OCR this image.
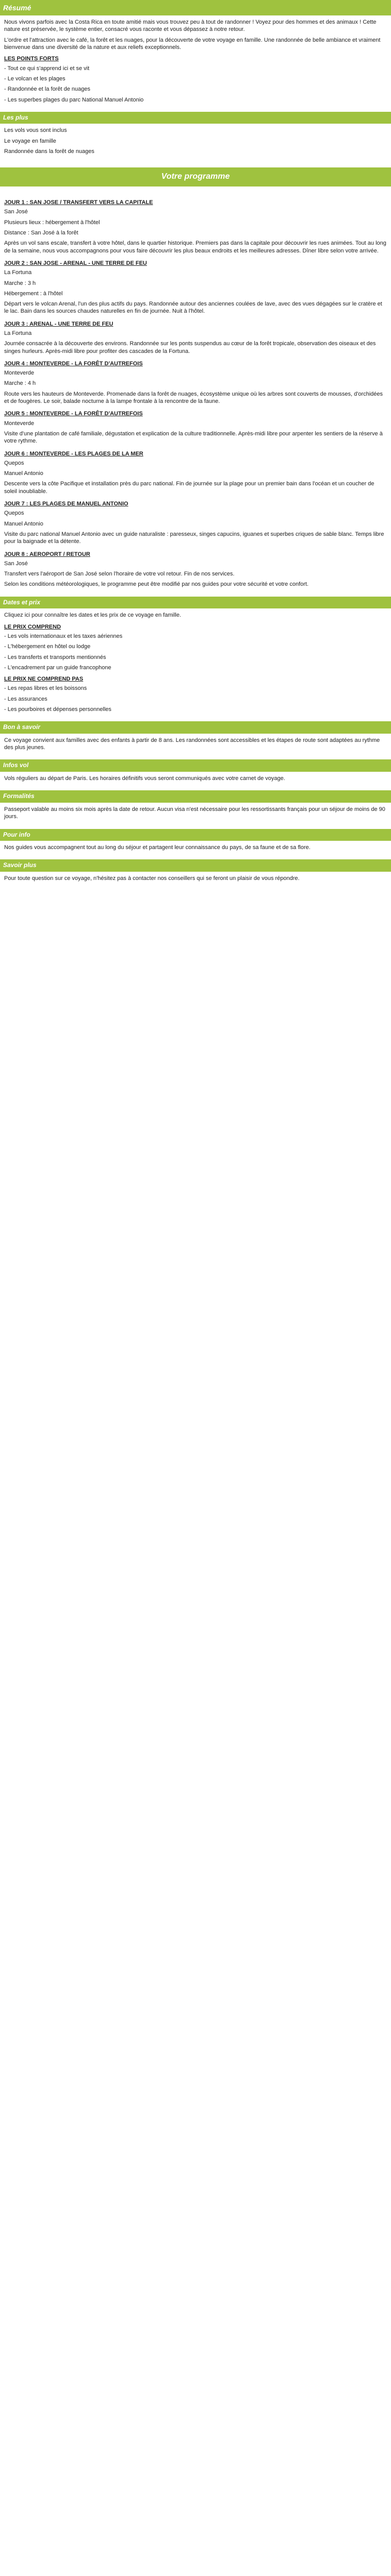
Résumé

Nous vivons parfois avec la Costa Rica en toute amitié mais vous trouvez peu à tout de randonner ! Voyez pour des hommes et des animaux ! Cette nature est préservée, le système entier, consacré vous raconte et vous dépassez à notre retour.

L'ordre et l'attraction avec le café, la forêt et les nuages, pour la découverte de votre voyage en famille. Une randonnée de belle ambiance et vraiment bienvenue dans une diversité de la nature et aux reliefs exceptionnels.

LES POINTS FORTS

- Tout ce qui s'apprend ici et se vit

- Le volcan et les plages

- Randonnée et la forêt de nuages

- Les superbes plages du parc National Manuel Antonio

Les plus

Les vols vous sont inclus

Le voyage en famille

Randonnée dans la forêt de nuages

Votre programme
JOUR 1 : SAN JOSE / TRANSFERT VERS LA CAPITALE

San José

Plusieurs lieux : hébergement à l'hôtel

Distance : San José à la forêt

Après un vol sans escale, transfert à votre hôtel, dans le quartier historique. Premiers pas dans la capitale pour découvrir les rues animées. Tout au long de la semaine, nous vous accompagnons pour vous faire découvrir les plus beaux endroits et les meilleures adresses. Dîner libre selon votre arrivée.

JOUR 2 : SAN JOSE - ARENAL - UNE TERRE DE FEU

La Fortuna

Marche : 3 h

Hébergement : à l'hôtel

Départ vers le volcan Arenal, l'un des plus actifs du pays. Randonnée autour des anciennes coulées de lave, avec des vues dégagées sur le cratère et le lac. Bain dans les sources chaudes naturelles en fin de journée. Nuit à l'hôtel.

JOUR 3 : ARENAL - UNE TERRE DE FEU

La Fortuna

Journée consacrée à la découverte des environs. Randonnée sur les ponts suspendus au cœur de la forêt tropicale, observation des oiseaux et des singes hurleurs. Après-midi libre pour profiter des cascades de la Fortuna.

JOUR 4 : MONTEVERDE - LA FORÊT D'AUTREFOIS

Monteverde

Marche : 4 h

Route vers les hauteurs de Monteverde. Promenade dans la forêt de nuages, écosystème unique où les arbres sont couverts de mousses, d'orchidées et de fougères. Le soir, balade nocturne à la lampe frontale à la rencontre de la faune.

JOUR 5 : MONTEVERDE - LA FORÊT D'AUTREFOIS

Monteverde

Visite d'une plantation de café familiale, dégustation et explication de la culture traditionnelle. Après-midi libre pour arpenter les sentiers de la réserve à votre rythme.

JOUR 6 : MONTEVERDE - LES PLAGES DE LA MER

Quepos

Manuel Antonio

Descente vers la côte Pacifique et installation près du parc national. Fin de journée sur la plage pour un premier bain dans l'océan et un coucher de soleil inoubliable.

JOUR 7 : LES PLAGES DE MANUEL ANTONIO

Quepos

Manuel Antonio

Visite du parc national Manuel Antonio avec un guide naturaliste : paresseux, singes capucins, iguanes et superbes criques de sable blanc. Temps libre pour la baignade et la détente.

JOUR 8 : AEROPORT / RETOUR

San José

Transfert vers l'aéroport de San José selon l'horaire de votre vol retour. Fin de nos services.

Selon les conditions météorologiques, le programme peut être modifié par nos guides pour votre sécurité et votre confort.

Dates et prix

Cliquez ici pour connaître les dates et les prix de ce voyage en famille.

LE PRIX COMPREND

- Les vols internationaux et les taxes aériennes

- L'hébergement en hôtel ou lodge

- Les transferts et transports mentionnés

- L'encadrement par un guide francophone

LE PRIX NE COMPREND PAS

- Les repas libres et les boissons

- Les assurances

- Les pourboires et dépenses personnelles

Bon à savoir

Ce voyage convient aux familles avec des enfants à partir de 8 ans. Les randonnées sont accessibles et les étapes de route sont adaptées au rythme des plus jeunes.

Infos vol

Vols réguliers au départ de Paris. Les horaires définitifs vous seront communiqués avec votre carnet de voyage.

Formalités

Passeport valable au moins six mois après la date de retour. Aucun visa n'est nécessaire pour les ressortissants français pour un séjour de moins de 90 jours.

Pour info

Nos guides vous accompagnent tout au long du séjour et partagent leur connaissance du pays, de sa faune et de sa flore.

Savoir plus

Pour toute question sur ce voyage, n'hésitez pas à contacter nos conseillers qui se feront un plaisir de vous répondre.
